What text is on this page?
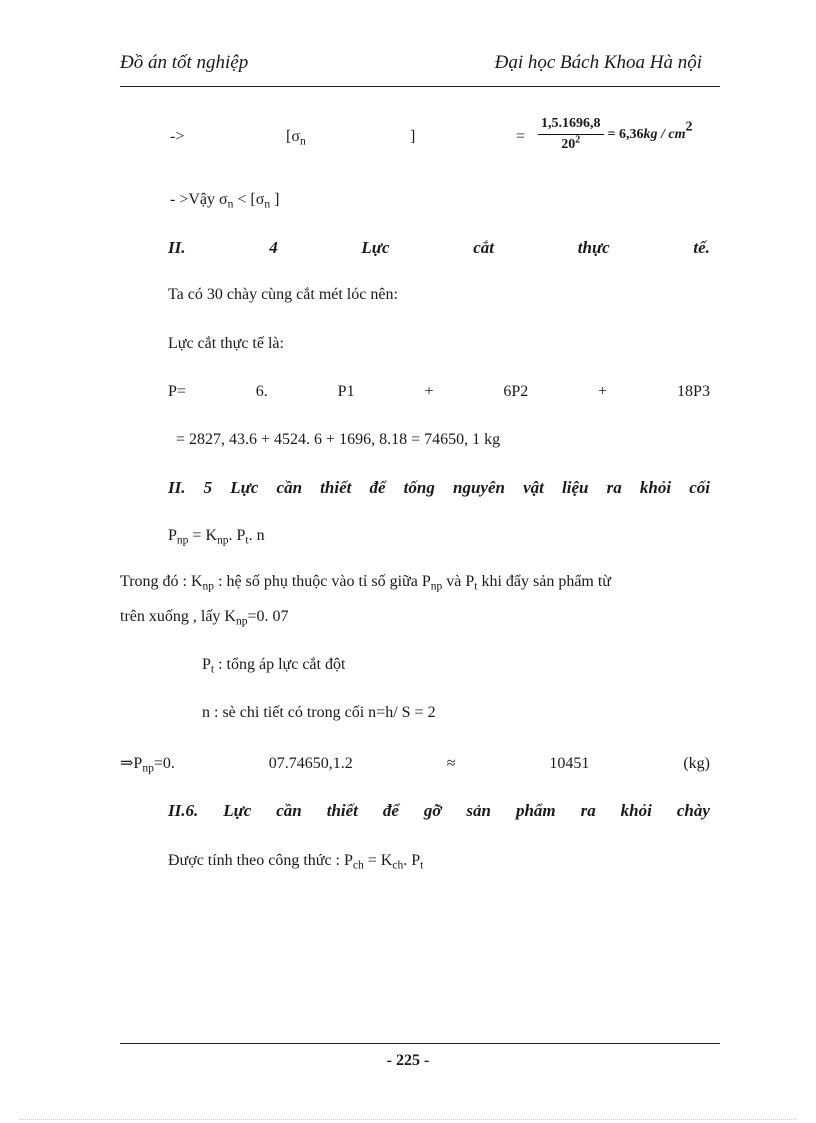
Đồ án tốt nghiệp	Đại học Bách Khoa Hà nội
->	[$\sigma_n$	]	= $\frac{1,5.1696,8}{20^2} = 6,36kg / cm^2$
- >Vậy $\sigma_n < [\sigma_n$ ]
II.	4	Lực	cắt	thực	tế.
Ta có 30 chày cùng cắt mét lóc nên:
Lực cắt thực tế là:
P=	6.	P1	+	6P2	+	18P3
= 2827, 43.6 + 4524. 6 + 1696, 8.18 = 74650, 1 kg
II. 5 Lực cần thiết để tống nguyên vật liệu ra khỏi cối
$P_{np} = K_{np}$. $P_t$. n
Trong đó : $K_{np}$ : hệ số phụ thuộc vào tỉ số giữa $P_{np}$ và $P_t$ khi đẩy sản phẩm từ
trên xuống , lấy $K_{np}=0$. 07
$P_t$ : tổng áp lực cắt đột
n : sè chi tiết có trong cối n=h/ S = 2
$\Rightarrow P_{np}=0$.	07.74650,1.2	≈	10451	(kg)
II.6. Lực cần thiết để gỡ sản phẩm ra khỏi chày
Được tính theo công thức : $P_{ch} = K_{ch}$. $P_t$
- 225 -
